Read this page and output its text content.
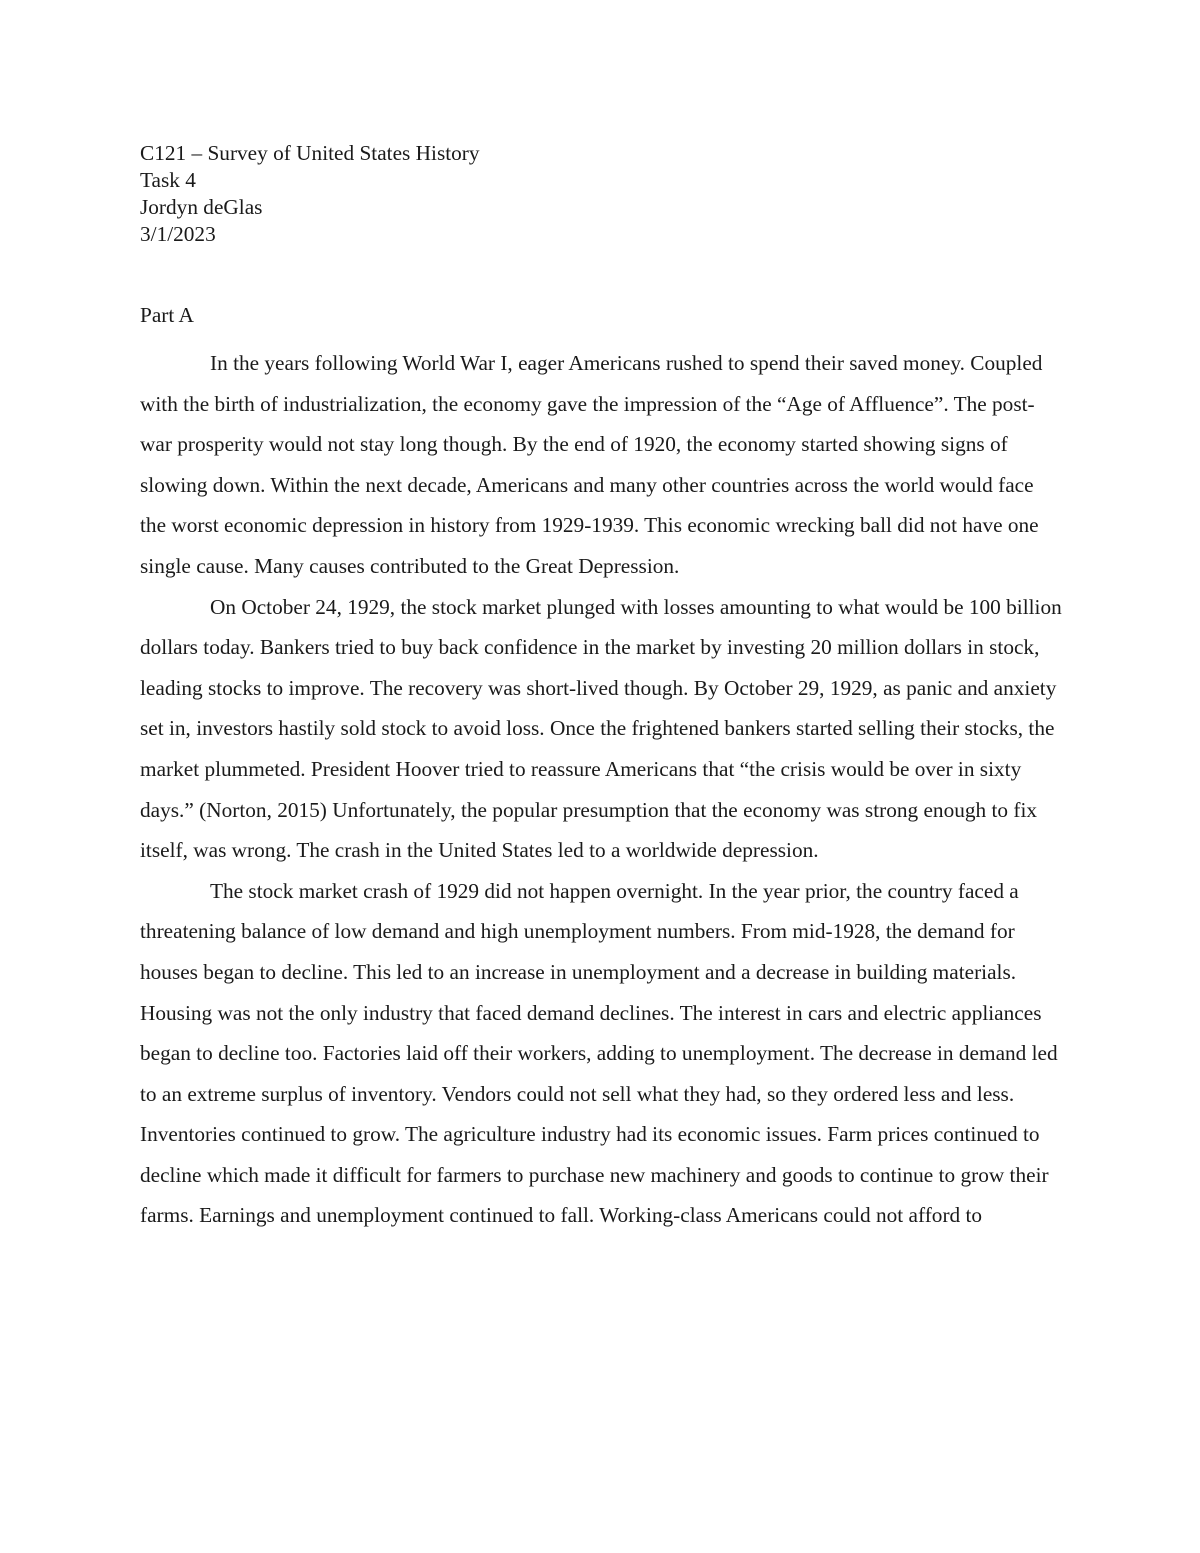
C121 – Survey of United States History

Task 4

Jordyn deGlas

3/1/2023

Part A

In the years following World War I, eager Americans rushed to spend their saved money. Coupled with the birth of industrialization, the economy gave the impression of the “Age of Affluence”. The post-war prosperity would not stay long though. By the end of 1920, the economy started showing signs of slowing down. Within the next decade, Americans and many other countries across the world would face the worst economic depression in history from 1929-1939. This economic wrecking ball did not have one single cause. Many causes contributed to the Great Depression.

On October 24, 1929, the stock market plunged with losses amounting to what would be 100 billion dollars today. Bankers tried to buy back confidence in the market by investing 20 million dollars in stock, leading stocks to improve. The recovery was short-lived though. By October 29, 1929, as panic and anxiety set in, investors hastily sold stock to avoid loss. Once the frightened bankers started selling their stocks, the market plummeted. President Hoover tried to reassure Americans that “the crisis would be over in sixty days.” (Norton, 2015) Unfortunately, the popular presumption that the economy was strong enough to fix itself, was wrong. The crash in the United States led to a worldwide depression.

The stock market crash of 1929 did not happen overnight. In the year prior, the country faced a threatening balance of low demand and high unemployment numbers. From mid-1928, the demand for houses began to decline. This led to an increase in unemployment and a decrease in building materials. Housing was not the only industry that faced demand declines. The interest in cars and electric appliances began to decline too. Factories laid off their workers, adding to unemployment. The decrease in demand led to an extreme surplus of inventory. Vendors could not sell what they had, so they ordered less and less. Inventories continued to grow. The agriculture industry had its economic issues. Farm prices continued to decline which made it difficult for farmers to purchase new machinery and goods to continue to grow their farms. Earnings and unemployment continued to fall. Working-class Americans could not afford to
